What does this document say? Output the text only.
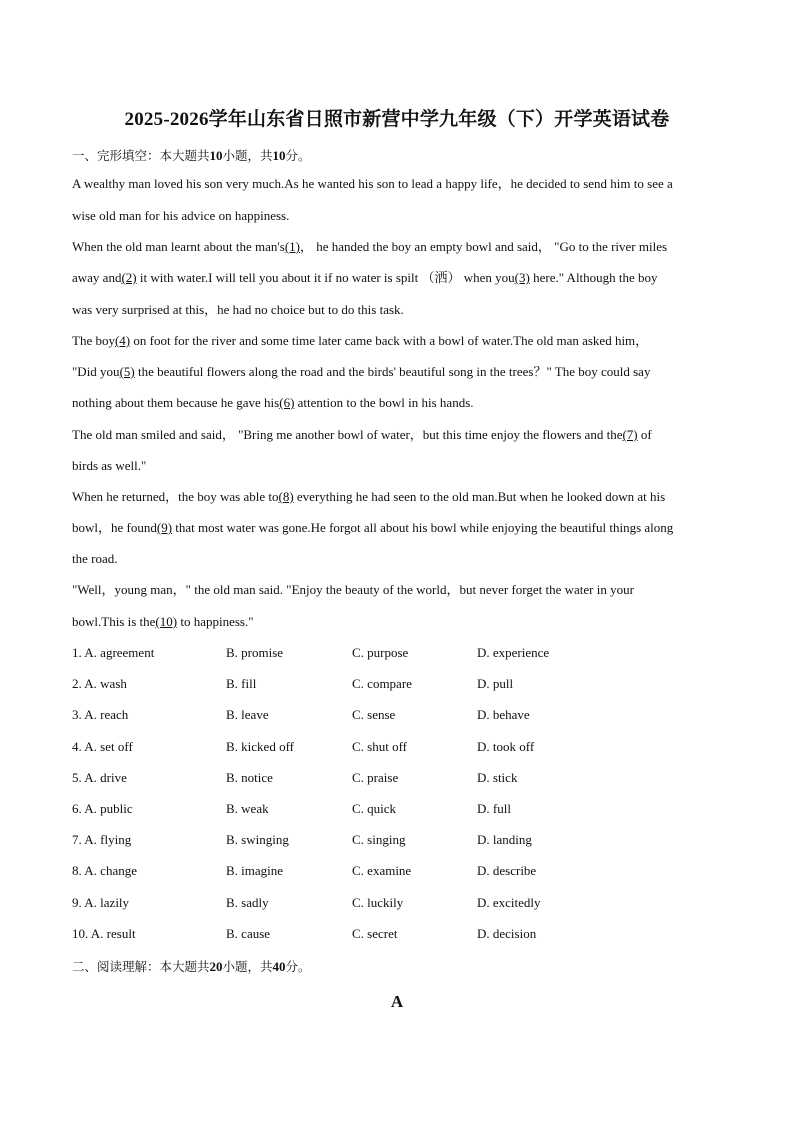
2025-2026学年山东省日照市新营中学九年级（下）开学英语试卷
一、完形填空：本大题共10小题，共10分。
A wealthy man loved his son very much.As he wanted his son to lead a happy life，he decided to send him to see a
wise old man for his advice on happiness.
When the old man learnt about the man's(1)， he handed the boy an empty bowl and said， "Go to the river miles
away and(2) it with water.I will tell you about it if no water is spilt （洒） when you(3) here." Although the boy
was very surprised at this，he had no choice but to do this task.
The boy(4) on foot for the river and some time later came back with a bowl of water.The old man asked him，
"Did you(5) the beautiful flowers along the road and the birds' beautiful song in the trees？" The boy could say
nothing about them because he gave his(6) attention to the bowl in his hands.
The old man smiled and said， "Bring me another bowl of water，but this time enjoy the flowers and the(7) of
birds as well."
When he returned，the boy was able to(8) everything he had seen to the old man.But when he looked down at his
bowl，he found(9) that most water was gone.He forgot all about his bowl while enjoying the beautiful things along
the road.
"Well，young man，" the old man said. "Enjoy the beauty of the world，but never forget the water in your
bowl.This is the(10) to happiness."
1. A. agreement	B. promise	C. purpose	D. experience
2. A. wash	B. fill	C. compare	D. pull
3. A. reach	B. leave	C. sense	D. behave
4. A. set off	B. kicked off	C. shut off	D. took off
5. A. drive	B. notice	C. praise	D. stick
6. A. public	B. weak	C. quick	D. full
7. A. flying	B. swinging	C. singing	D. landing
8. A. change	B. imagine	C. examine	D. describe
9. A. lazily	B. sadly	C. luckily	D. excitedly
10. A. result	B. cause	C. secret	D. decision
二、阅读理解：本大题共20小题，共40分。
A
